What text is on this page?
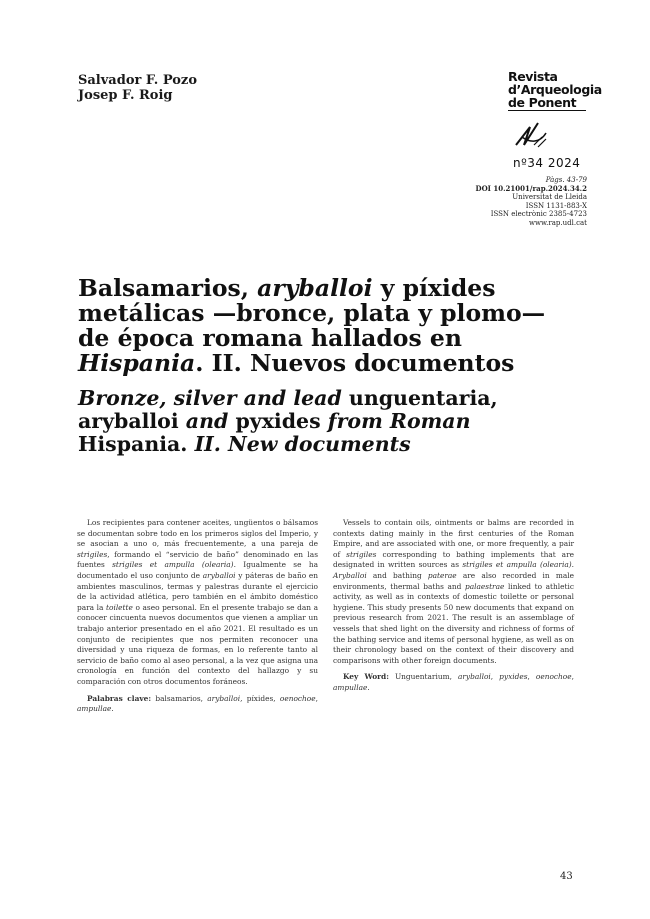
Salvador F. Pozo
Josep F. Roig
Revista
d’Arqueologia
de Ponent
nº34 2024
Pàgs. 43-79
DOI 10.21001/rap.2024.34.2
Universitat de Lleida
ISSN 1131-883-X
ISSN electrònic 2385-4723
www.rap.udl.cat
Balsamarios, aryballoi y píxides metálicas —bronce, plata y plomo— de época romana hallados en Hispania. II. Nuevos documentos
Bronze, silver and lead unguentaria, aryballoi and pyxides from Roman Hispania. II. New documents

Los recipientes para contener aceites, ungüentos o bálsamos se documentan sobre todo en los primeros siglos del Imperio, y se asocian a uno o, más frecuentemente, a una pareja de strigiles, formando el “servicio de baño” denominado en las fuentes strigiles et ampulla (olearia). Igualmente se ha documentado el uso conjunto de aryballoi y páteras de baño en ambientes masculinos, termas y palestras durante el ejercicio de la actividad atlética, pero también en el ámbito doméstico para la toilette o aseo personal. En el presente trabajo se dan a conocer cincuenta nuevos documentos que vienen a ampliar un trabajo anterior presentado en el año 2021. El resultado es un conjunto de recipientes que nos permiten reconocer una diversidad y una riqueza de formas, en lo referente tanto al servicio de baño como al aseo personal, a la vez que asigna una cronología en función del contexto del hallazgo y su comparación con otros documentos foráneos.

Palabras clave: balsamarios, aryballoi, píxides, oenochoe, ampullae.

Vessels to contain oils, ointments or balms are recorded in contexts dating mainly in the first centuries of the Roman Empire, and are associated with one, or more frequently, a pair of strigiles corresponding to bathing implements that are designated in written sources as strigiles et ampulla (olearia). Aryballoi and bathing paterae are also recorded in male environments, thermal baths and palaestrae linked to athletic activity, as well as in contexts of domestic toilette or personal hygiene. This study presents 50 new documents that expand on previous research from 2021. The result is an assemblage of vessels that shed light on the diversity and richness of forms of the bathing service and items of personal hygiene, as well as on their chronology based on the context of their discovery and comparisons with other foreign documents.

Key Word: Unguentarium, aryballoi, pyxides, oenochoe, ampullae.

43
